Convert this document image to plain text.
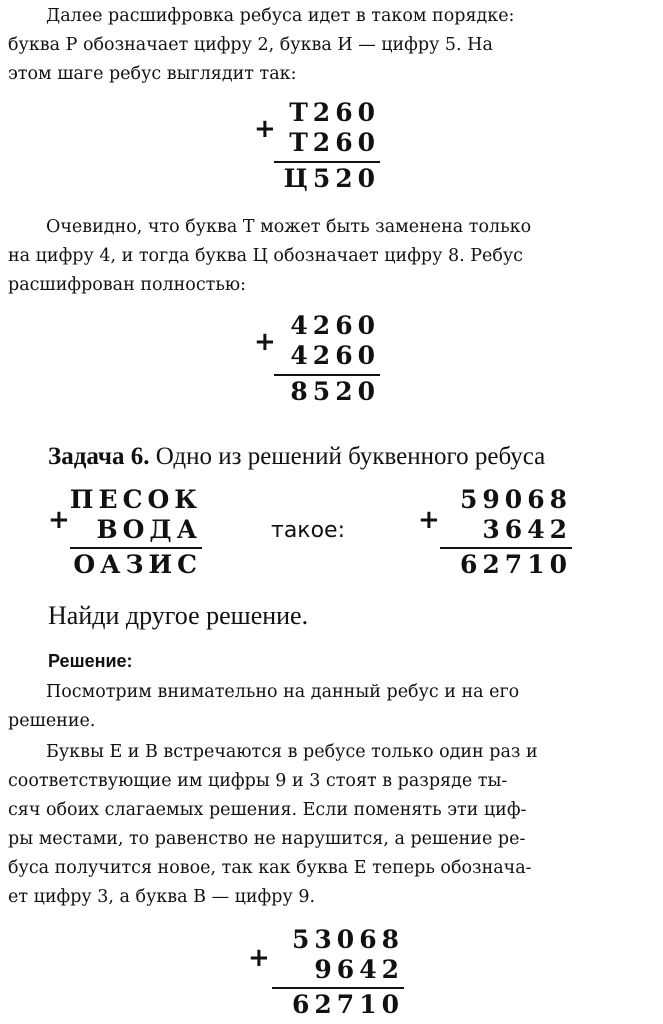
Далее расшифровка ребуса идет в таком порядке:
буква Р обозначает цифру 2, буква И — цифру 5. На
этом шаге ребус выглядит так:
+
Т260
Т260
Ц520
Очевидно, что буква Т может быть заменена только
на цифру 4, и тогда буква Ц обозначает цифру 8. Ребус
расшифрован полностью:
+
4260
4260
8520
Задача 6. Одно из решений буквенного ребуса
+
ПЕСОК
ВОДА
ОАЗИС
такое:	+
59068
3642
62710
Найди другое решение.
Решение:
Посмотрим внимательно на данный ребус и на его
решение.
Буквы Е и В встречаются в ребусе только один раз и
соответствующие им цифры 9 и 3 стоят в разряде ты-
сяч обоих слагаемых решения. Если поменять эти циф-
ры местами, то равенство не нарушится, а решение ре-
буса получится новое, так как буква Е теперь обознача-
ет цифру 3, а буква В — цифру 9.
+
53068
9642
62710
